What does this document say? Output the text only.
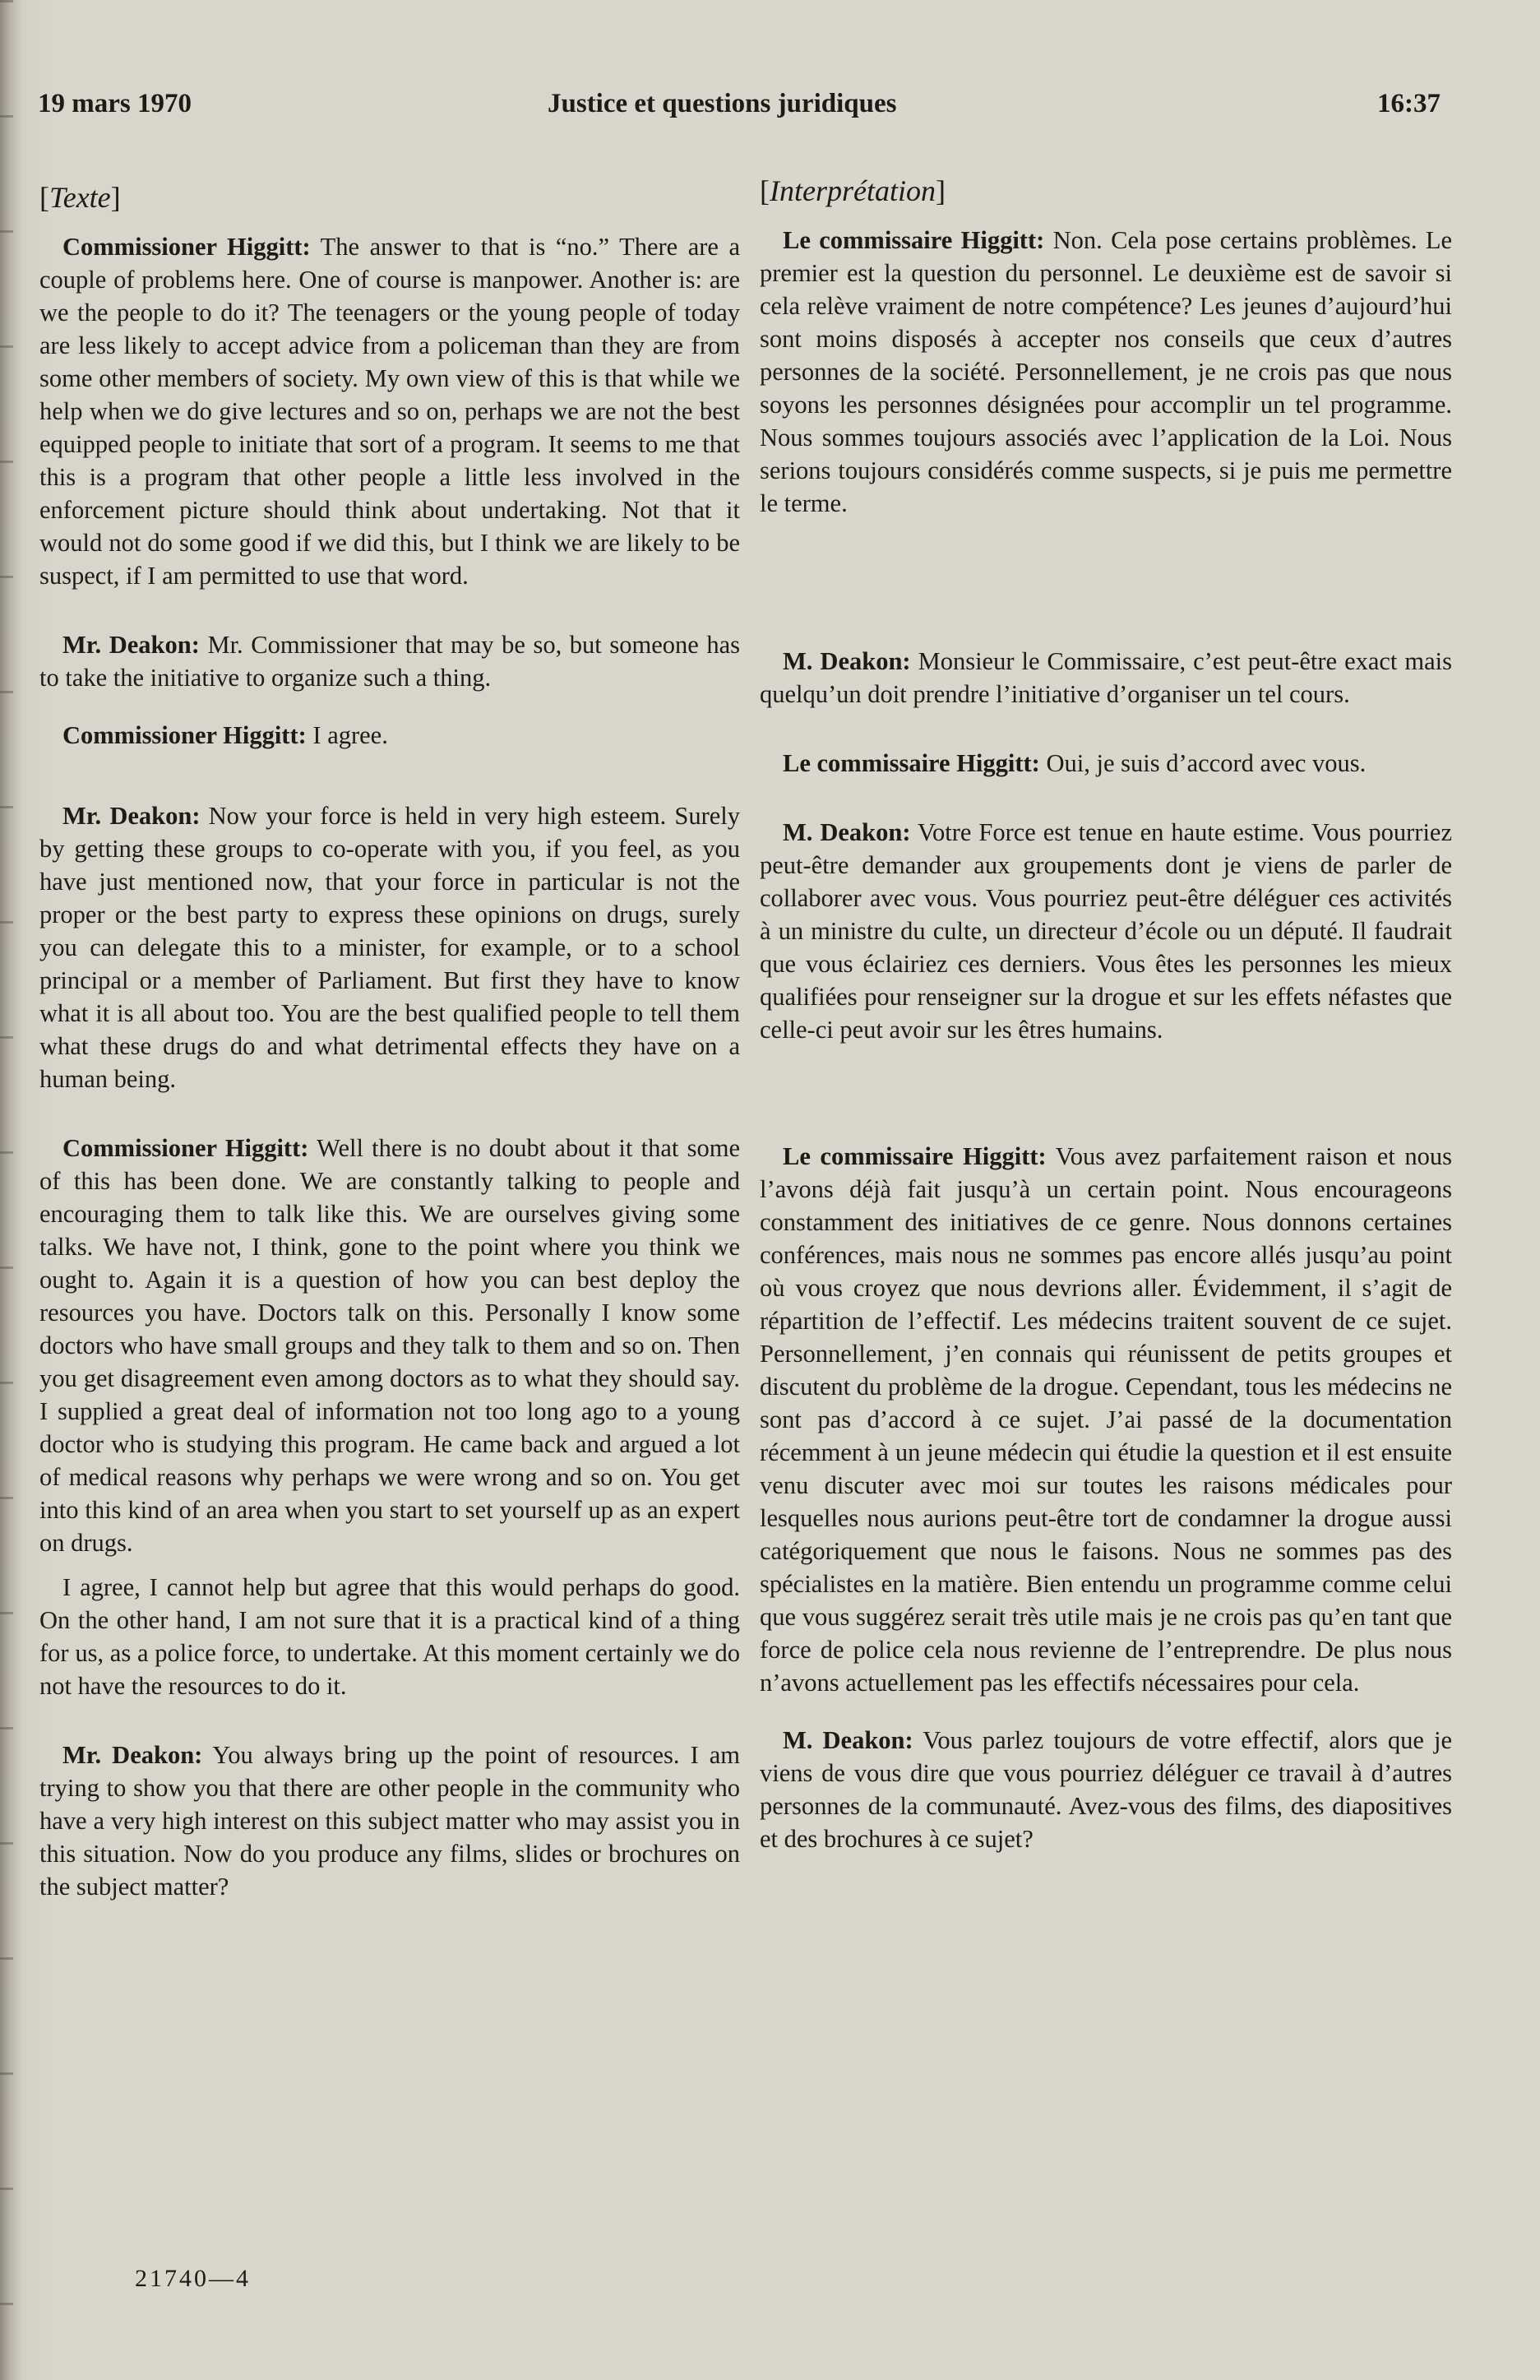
19 mars 1970	Justice et questions juridiques	16:37

[Texte]

Commissioner Higgitt: The answer to that is “no.” There are a couple of problems here. One of course is manpower. Another is: are we the people to do it? The teenagers or the young people of today are less likely to accept advice from a policeman than they are from some other members of society. My own view of this is that while we help when we do give lectures and so on, perhaps we are not the best equipped people to initiate that sort of a program. It seems to me that this is a program that other people a little less involved in the enforcement picture should think about undertaking. Not that it would not do some good if we did this, but I think we are likely to be suspect, if I am permitted to use that word.

Mr. Deakon: Mr. Commissioner that may be so, but someone has to take the initiative to organize such a thing.

Commissioner Higgitt: I agree.

Mr. Deakon: Now your force is held in very high esteem. Surely by getting these groups to co-operate with you, if you feel, as you have just mentioned now, that your force in particular is not the proper or the best party to express these opinions on drugs, surely you can delegate this to a minister, for example, or to a school principal or a member of Parliament. But first they have to know what it is all about too. You are the best qualified people to tell them what these drugs do and what detrimental effects they have on a human being.

Commissioner Higgitt: Well there is no doubt about it that some of this has been done. We are constantly talking to people and encouraging them to talk like this. We are ourselves giving some talks. We have not, I think, gone to the point where you think we ought to. Again it is a question of how you can best deploy the resources you have. Doctors talk on this. Personally I know some doctors who have small groups and they talk to them and so on. Then you get disagreement even among doctors as to what they should say. I supplied a great deal of information not too long ago to a young doctor who is studying this program. He came back and argued a lot of medical reasons why perhaps we were wrong and so on. You get into this kind of an area when you start to set yourself up as an expert on drugs.

I agree, I cannot help but agree that this would perhaps do good. On the other hand, I am not sure that it is a practical kind of a thing for us, as a police force, to undertake. At this moment certainly we do not have the resources to do it.

Mr. Deakon: You always bring up the point of resources. I am trying to show you that there are other people in the community who have a very high interest on this subject matter who may assist you in this situation. Now do you produce any films, slides or brochures on the subject matter?

[Interprétation]

Le commissaire Higgitt: Non. Cela pose certains problèmes. Le premier est la question du personnel. Le deuxième est de savoir si cela relève vraiment de notre compétence? Les jeunes d’aujourd’hui sont moins disposés à accepter nos conseils que ceux d’autres personnes de la société. Personnellement, je ne crois pas que nous soyons les personnes désignées pour accomplir un tel programme. Nous sommes toujours associés avec l’application de la Loi. Nous serions toujours considérés comme suspects, si je puis me permettre le terme.

M. Deakon: Monsieur le Commissaire, c’est peut-être exact mais quelqu’un doit prendre l’initiative d’organiser un tel cours.

Le commissaire Higgitt: Oui, je suis d’accord avec vous.

M. Deakon: Votre Force est tenue en haute estime. Vous pourriez peut-être demander aux groupements dont je viens de parler de collaborer avec vous. Vous pourriez peut-être déléguer ces activités à un ministre du culte, un directeur d’école ou un député. Il faudrait que vous éclairiez ces derniers. Vous êtes les personnes les mieux qualifiées pour renseigner sur la drogue et sur les effets néfastes que celle-ci peut avoir sur les êtres humains.

Le commissaire Higgitt: Vous avez parfaitement raison et nous l’avons déjà fait jusqu’à un certain point. Nous encourageons constamment des initiatives de ce genre. Nous donnons certaines conférences, mais nous ne sommes pas encore allés jusqu’au point où vous croyez que nous devrions aller. Évidemment, il s’agit de répartition de l’effectif. Les médecins traitent souvent de ce sujet. Personnellement, j’en connais qui réunissent de petits groupes et discutent du problème de la drogue. Cependant, tous les médecins ne sont pas d’accord à ce sujet. J’ai passé de la documentation récemment à un jeune médecin qui étudie la question et il est ensuite venu discuter avec moi sur toutes les raisons médicales pour lesquelles nous aurions peut-être tort de condamner la drogue aussi catégoriquement que nous le faisons. Nous ne sommes pas des spécialistes en la matière. Bien entendu un programme comme celui que vous suggérez serait très utile mais je ne crois pas qu’en tant que force de police cela nous revienne de l’entreprendre. De plus nous n’avons actuellement pas les effectifs nécessaires pour cela.

M. Deakon: Vous parlez toujours de votre effectif, alors que je viens de vous dire que vous pourriez déléguer ce travail à d’autres personnes de la communauté. Avez-vous des films, des diapositives et des brochures à ce sujet?

21740—4
